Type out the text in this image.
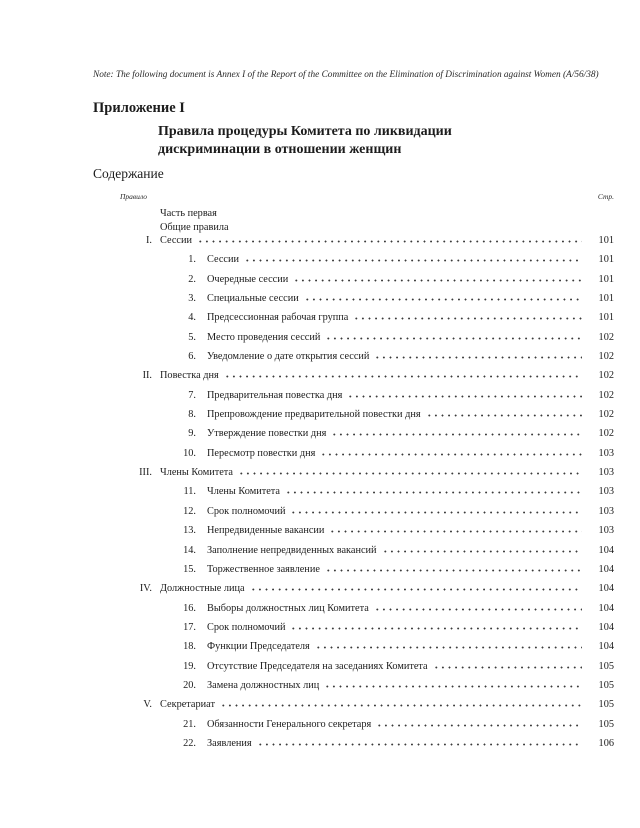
Note: The following document is Annex I of the Report of the Committee on the Elimination of Discrimination against Women (A/56/38)
Приложение I
Правила процедуры Комитета по ликвидации
дискриминации в отношении женщин
Содержание
Правило	Стр.
Часть первая
Общие правила
I. Сессии	101
1. Сессии	101
2. Очередные сессии	101
3. Специальные сессии	101
4. Предсессионная рабочая группа	101
5. Место проведения сессий	102
6. Уведомление о дате открытия сессий	102
II. Повестка дня	102
7. Предварительная повестка дня	102
8. Препровождение предварительной повестки дня	102
9. Утверждение повестки дня	102
10. Пересмотр повестки дня	103
III. Члены Комитета	103
11. Члены Комитета	103
12. Срок полномочий	103
13. Непредвиденные вакансии	103
14. Заполнение непредвиденных вакансий	104
15. Торжественное заявление	104
IV. Должностные лица	104
16. Выборы должностных лиц Комитета	104
17. Срок полномочий	104
18. Функции Председателя	104
19. Отсутствие Председателя на заседаниях Комитета	105
20. Замена должностных лиц	105
V. Секретариат	105
21. Обязанности Генерального секретаря	105
22. Заявления	106
